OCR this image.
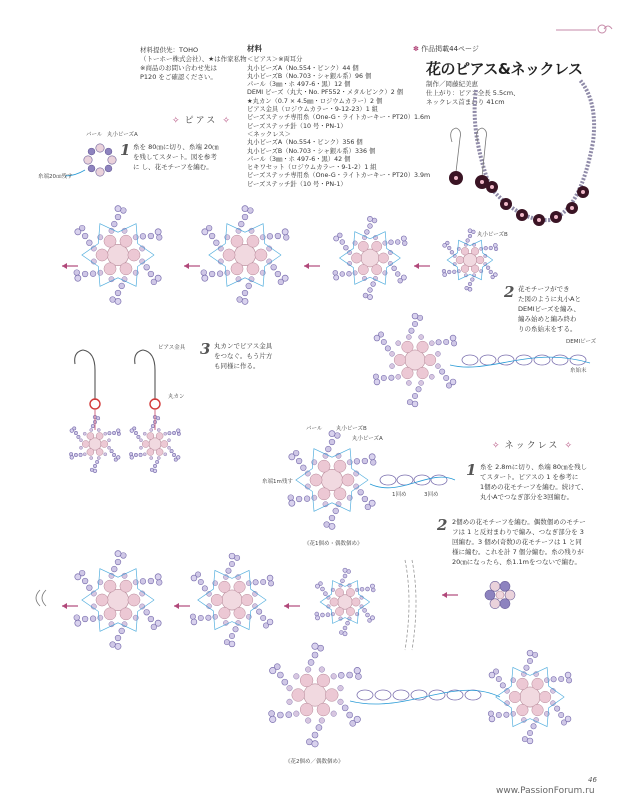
材料提供先：TOHO
（トーホー株式会社）、★は作家私物
※商品のお問い合わせ先は
P120 をご確認ください。
材料
＜ピアス＞※両耳分
丸小ビーズA（No.554・ピンク）44 個
丸小ビーズB（No.703・シャ銀ル系）96 個
パール（3㎜・ホ 497-6・黒）12 個
DEMI ビーズ（丸大・No. PF552・メタルピンク）2 個
★丸カン（0.7 × 4.5㎜・ロジウムカラー）2 個
ピアス金具（ロジウムカラー・9-12-23）1 組
ビーズステッチ専用糸（One-G・ライトカーキー・PT20）1.6m
ビーズステッチ針（10 号・PN-1）
＜ネックレス＞
丸小ビーズA（No.554・ピンク）356 個
丸小ビーズB（No.703・シャ銀ル系）336 個
パール（3㎜・ホ 497-6・黒）42 個
ヒキワセット（ロジウムカラー・9-1-2）1 組
ビーズステッチ専用糸（One-G・ライトカーキー・PT20）3.9m
ビーズステッチ針（10 号・PN-1）
✽ 作品掲載44ページ
花のピアス&ネックレス
制作／岡藤紀美恵
仕上がり：ピアス全長 5.5cm、
ネックレス首まわり 41cm
✧ ピアス ✧
パール 丸小ビーズA
糸端20㎝残す
1 糸を 80㎝に切り、糸端 20㎝
を残してスタート。図を参考
に し、花モチーフを編む。
丸小ビーズB
2 花モチーフができ
た図のように丸小Aと
DEMIビーズを編み、
編み始めと編み終わ
りの糸始末をする。
DEMIビーズ
糸始末
3 丸カンでピアス金具
をつなぐ。もう片方
も同様に作る。
ピアス金具
丸カン
✧ ネックレス ✧
パール 丸小ビーズB
丸小ビーズA
糸端1m残す
1回め	3回め
《花1個め・偶数個め》
1 糸を 2.8mに切り、糸端 80㎝を残し
てスタート。ピアスの 1 を参考に
1個めの花モチーフを編む。続けて、
丸小Aでつなぎ部分を3回編む。
2 2個めの花モチーフを編む。偶数個めのモチー
フは 1 と反対まわりで編み、つなぎ部分を 3
回編む。3 個め(奇数)の花モチーフは 1 と同
様に編む。これを計 7 個分編む。糸の残りが
20㎝になったら、糸1.1mをつないで編む。
《花2個め／偶数個め》
46
www.PassionForum.ru
